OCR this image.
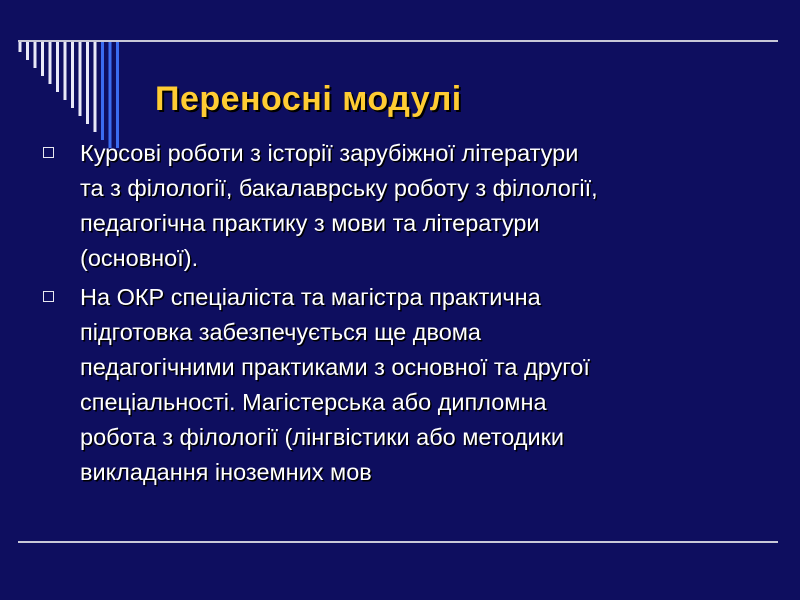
Переносні модулі
Курсові роботи з історії зарубіжної літератури
та з філології, бакалаврську роботу з філології,
педагогічна практику з мови та літератури
(основної).
На ОКР спеціаліста та магістра практична
підготовка забезпечується ще двома
педагогічними практиками з основної та другої
спеціальності. Магістерська або дипломна
робота з філології (лінгвістики або методики
викладання іноземних мов
